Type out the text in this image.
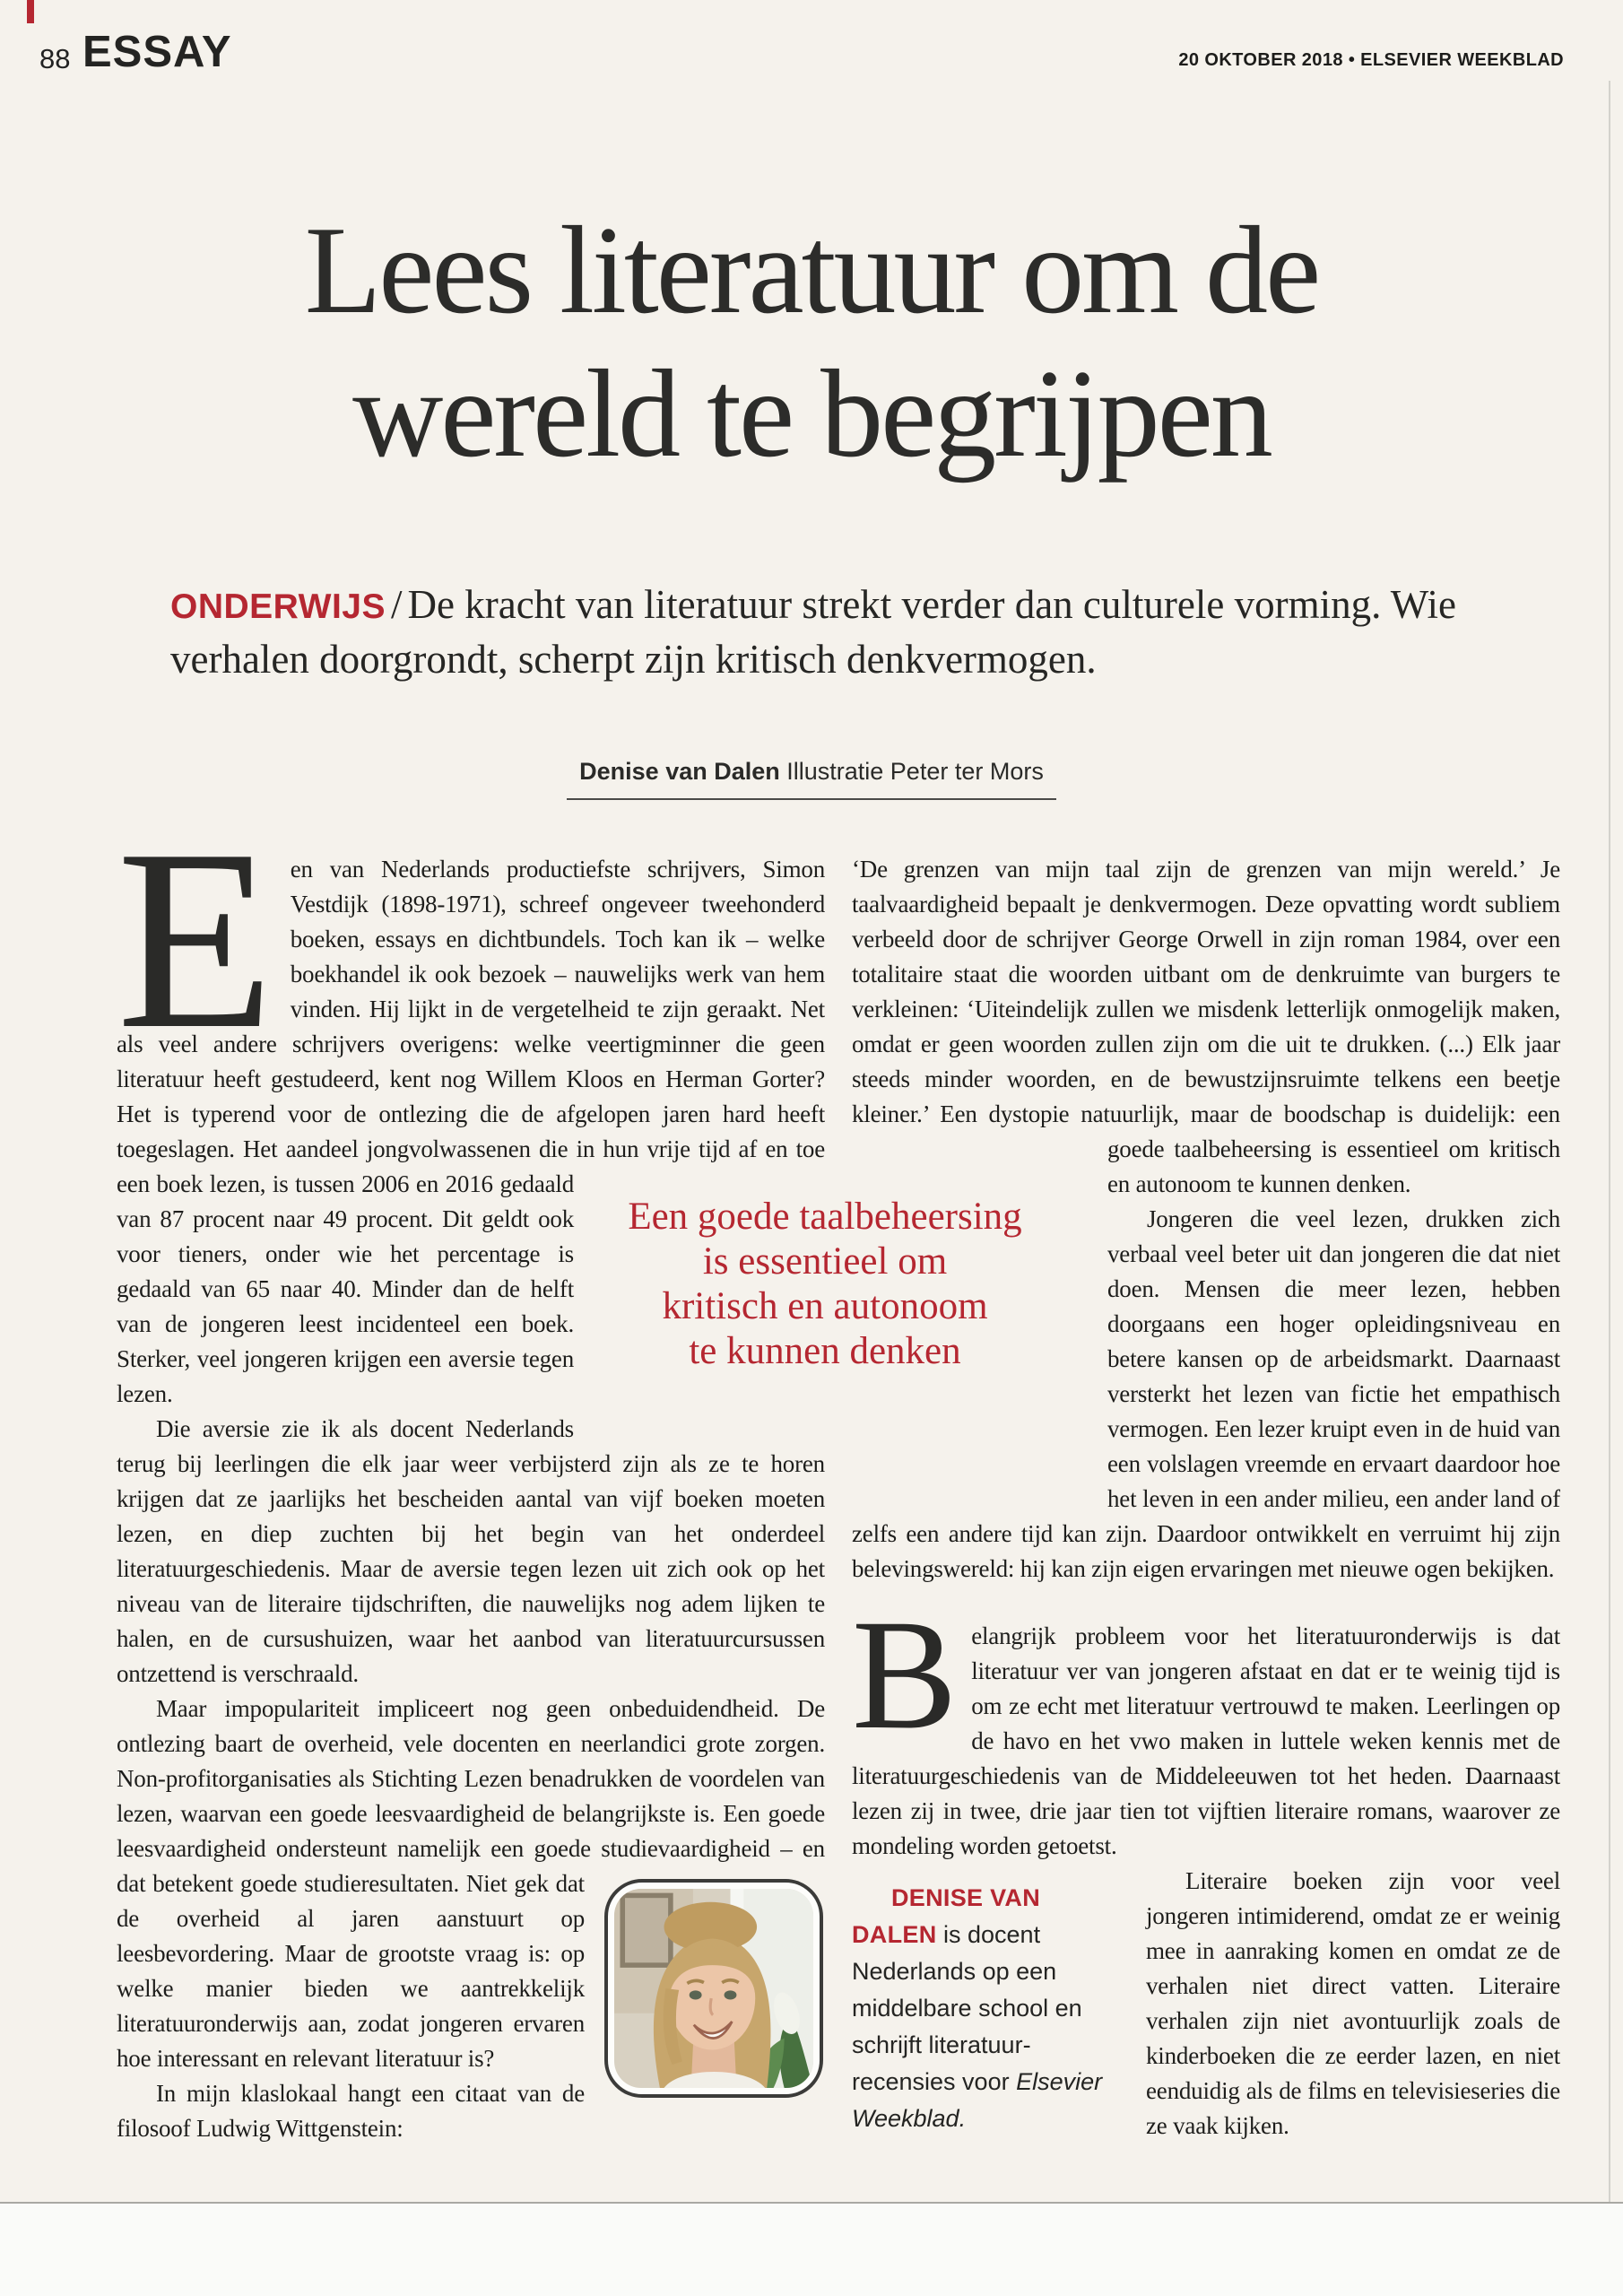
88 ESSAY	20 OKTOBER 2018 • ELSEVIER WEEKBLAD
Lees literatuur om de
wereld te begrijpen
ONDERWIJS / De kracht van literatuur strekt verder dan culturele vorming. Wie verhalen doorgrondt, scherpt zijn kritisch denkvermogen.
Denise van Dalen Illustratie Peter ter Mors

Een van Nederlands productiefste schrijvers, Simon Vestdijk (1898-1971), schreef ongeveer tweehonderd boeken, essays en dichtbundels. Toch kan ik – welke boekhandel ik ook bezoek – nauwelijks werk van hem vinden. Hij lijkt in de vergetelheid te zijn geraakt. Net als veel andere schrijvers overigens: welke veertigminner die geen literatuur heeft gestudeerd, kent nog Willem Kloos en Herman Gorter? Het is typerend voor de ontlezing die de afgelopen jaren hard heeft toegeslagen. Het aandeel jongvolwassenen die in hun vrije tijd af en toe een boek lezen, is tussen 2006
en 2016 gedaald van 87 procent naar 49 procent. Dit geldt ook voor tieners, onder wie het percentage is gedaald van 65 naar 40. Minder dan de helft van de jongeren leest incidenteel een boek. Sterker, veel jongeren krijgen een aversie tegen lezen.

Die aversie zie ik als docent Nederlands terug bij leerlingen die elk jaar weer verbijsterd zijn als ze te horen krijgen dat ze jaarlijks het bescheiden aantal van vijf boeken moeten lezen, en diep zuchten bij het begin van het onderdeel literatuurgeschiedenis. Maar de aversie tegen lezen uit zich ook op het niveau van de literaire tijdschriften, die nauwelijks nog adem lijken te halen, en de cursushuizen, waar het aanbod van literatuurcursussen ontzettend is verschraald.

Maar impopulariteit impliceert nog geen onbeduidendheid. De ontlezing baart de overheid, vele docenten en neerlandici grote zorgen. Non-profitorganisaties als Stichting Lezen benadrukken de voordelen van lezen, waarvan een goede leesvaardigheid de belangrijkste is. Een goede leesvaardigheid ondersteunt namelijk een goede studievaardigheid – en dat betekent goede studieresultaten.
Niet gek dat de overheid al jaren aanstuurt op leesbevordering. Maar de grootste vraag is: op welke manier bieden we aantrekkelijk literatuuronderwijs aan, zodat jongeren ervaren hoe interessant en relevant literatuur is?

In mijn klaslokaal hangt een citaat van de filosoof Ludwig Wittgenstein:

‘De grenzen van mijn taal zijn de grenzen van mijn wereld.’ Je taalvaardigheid bepaalt je denkvermogen. Deze opvatting wordt subliem verbeeld door de schrijver George Orwell in zijn roman 1984, over een totalitaire staat die woorden uitbant om de denkruimte van burgers te verkleinen: ‘Uiteindelijk zullen we misdenk letterlijk onmogelijk maken, omdat er geen woorden zullen zijn om die uit te drukken. (...) Elk jaar steeds minder woorden, en de bewustzijnsruimte telkens een beetje kleiner.’ Een dystopie natuurlijk, maar de boodschap is duidelijk: een goede taalbeheersing is
essentieel om kritisch en autonoom te kunnen denken.

Jongeren die veel lezen, drukken zich verbaal veel beter uit dan jongeren die dat niet doen. Mensen die meer lezen, hebben doorgaans een hoger opleidingsniveau en betere kansen op de arbeidsmarkt. Daarnaast versterkt het lezen van fictie het empathisch vermogen. Een lezer kruipt even in de huid van een volslagen vreemde en ervaart daardoor hoe het leven in een ander milieu, een ander land of zelfs een andere tijd kan zijn. Daardoor ontwikkelt en verruimt hij zijn belevingswereld: hij kan zijn eigen ervaringen met nieuwe ogen bekijken.

Belangrijk probleem voor het literatuuronderwijs is dat literatuur ver van jongeren afstaat en dat er te weinig tijd is om ze echt met literatuur vertrouwd te maken. Leerlingen op de havo en het vwo maken in luttele weken kennis met de literatuurgeschiedenis van de Middeleeuwen tot het heden. Daarnaast lezen zij in twee, drie jaar tien tot vijftien literaire romans, waarover ze mondeling worden getoetst.

DENISE VAN DALEN is docent Nederlands op een middelbare school en schrijft literatuurrecensies voor Elsevier Weekblad.
Literaire boeken zijn voor veel jongeren intimiderend, omdat ze er weinig mee in aanraking komen en omdat ze de verhalen niet direct vatten. Literaire verhalen zijn niet avontuurlijk zoals de kinderboeken die ze eerder lazen, en niet eenduidig als de films en televisieseries die ze vaak kijken.

Een goede taalbeheersing
is essentieel om
kritisch en autonoom
te kunnen denken
